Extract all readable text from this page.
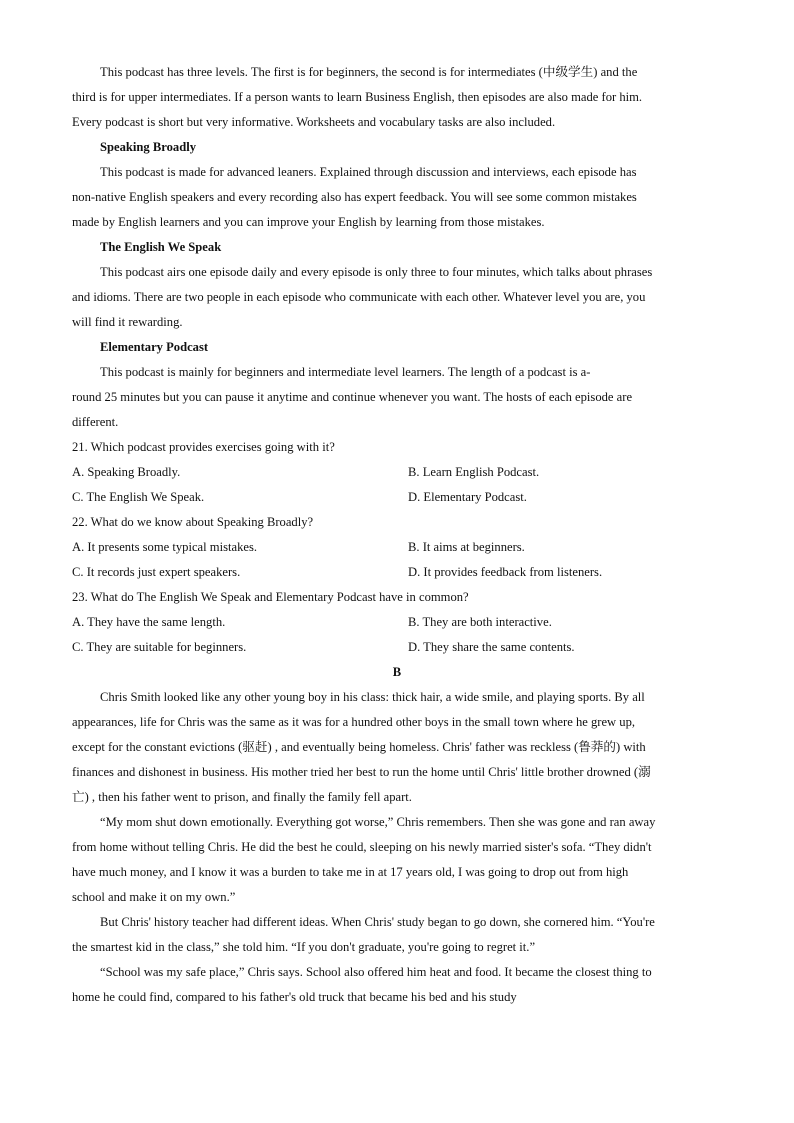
This podcast has three levels. The first is for beginners, the second is for intermediates (中级学生) and the
third is for upper intermediates. If a person wants to learn Business English, then episodes are also made for him.
Every podcast is short but very informative. Worksheets and vocabulary tasks are also included.
Speaking Broadly
This podcast is made for advanced leaners. Explained through discussion and interviews, each episode has
non-native English speakers and every recording also has expert feedback. You will see some common mistakes
made by English learners and you can improve your English by learning from those mistakes.
The English We Speak
This podcast airs one episode daily and every episode is only three to four minutes, which talks about phrases
and idioms. There are two people in each episode who communicate with each other. Whatever level you are, you
will find it rewarding.
Elementary Podcast
This podcast is mainly for beginners and intermediate level learners. The length of a podcast is a-
round 25 minutes but you can pause it anytime and continue whenever you want. The hosts of each episode are
different.
21. Which podcast provides exercises going with it?
A. Speaking Broadly.	B. Learn English Podcast.
C. The English We Speak.	D. Elementary Podcast.
22. What do we know about Speaking Broadly?
A. It presents some typical mistakes.	B. It aims at beginners.
C. It records just expert speakers.	D. It provides feedback from listeners.
23. What do The English We Speak and Elementary Podcast have in common?
A. They have the same length.	B. They are both interactive.
C. They are suitable for beginners.	D. They share the same contents.
B
Chris Smith looked like any other young boy in his class: thick hair, a wide smile, and playing sports. By all
appearances, life for Chris was the same as it was for a hundred other boys in the small town where he grew up,
except for the constant evictions (驱赶) , and eventually being homeless. Chris' father was reckless (鲁莽的) with
finances and dishonest in business. His mother tried her best to run the home until Chris' little brother drowned (溺
亡) , then his father went to prison, and finally the family fell apart.
“My mom shut down emotionally. Everything got worse,” Chris remembers. Then she was gone and ran away
from home without telling Chris. He did the best he could, sleeping on his newly married sister's sofa. “They didn't
have much money, and I know it was a burden to take me in at 17 years old, I was going to drop out from high
school and make it on my own.”
But Chris' history teacher had different ideas. When Chris' study began to go down, she cornered him. “You're
the smartest kid in the class,” she told him. “If you don't graduate, you're going to regret it.”
“School was my safe place,” Chris says. School also offered him heat and food. It became the closest thing to
home he could find, compared to his father's old truck that became his bed and his study
